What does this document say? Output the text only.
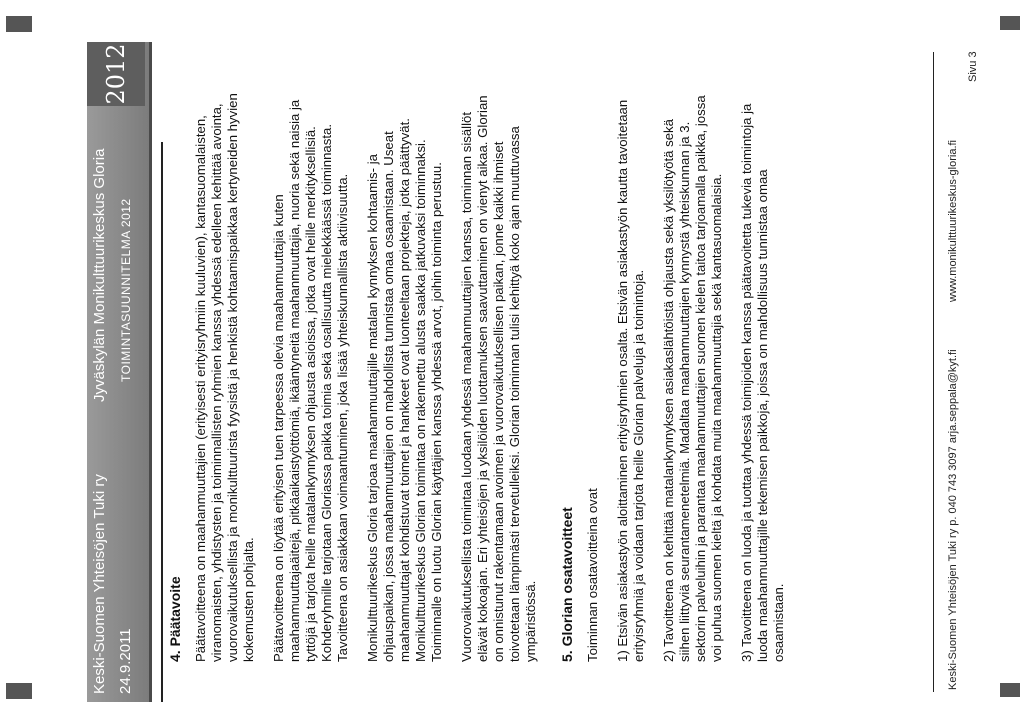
Keski-Suomen Yhteisöjen Tuki ry
Jyväskylän Monikulttuurikeskus Gloria
24.9.2011
TOIMINTASUUNNITELMA 2012
2012
4. Päätavoite Päätavoitteena on maahanmuuttajien (erityisesti erityisryhmiin kuuluvien), kantasuomalaisten, viranomaisten, yhdistysten ja toiminnallisten ryhmien kanssa yhdessä edelleen kehittää avointa, vuorovaikutuksellista ja monikulttuurista fyysistä ja henkistä kohtaamispaikkaa kertyneiden hyvien kokemusten pohjalta. Päätavoitteena on löytää erityisen tuen tarpeessa olevia maahanmuuttajia kuten maahanmuuttajaäitejä, pitkäaikaistyöttömiä, ikääntyneitä maahanmuuttajia, nuoria sekä naisia ja tyttöjä ja tarjota heille matalankynnyksen ohjausta asioissa, jotka ovat heille merkityksellisiä. Kohderyhmille tarjotaan Gloriassa paikka toimia sekä osallisuutta mielekkäässä toiminnasta. Tavoitteena on asiakkaan voimaantuminen, joka lisää yhteiskunnallista aktiivisuutta. Monikulttuurikeskus Gloria tarjoaa maahanmuuttajille matalan kynnyksen kohtaamis- ja ohjauspaikan, jossa maahanmuuttajien on mahdollista tunnistaa omaa osaamistaan. Useat maahanmuuttajat kohdistuvat toimet ja hankkeet ovat luonteeltaan projekteja, jotka päättyvät. Monikulttuurikeskus Glorian toimintaa on rakennettu alusta saakka jatkuvaksi toiminnaksi. Toiminnalle on luotu Glorian käyttäjien kanssa yhdessä arvot, joihin toiminta perustuu. Vuorovaikutuksellista toimintaa luodaan yhdessä maahanmuuttajien kanssa, toiminnan sisällöt elävät kokoajan. Eri yhteisöjen ja yksilöiden luottamuksen saavuttaminen on vienyt aikaa. Glorian on onnistunut rakentamaan avoimen ja vuorovaikutuksellisen paikan, jonne kaikki ihmiset toivotetaan lämpimästi tervetulleiksi. Glorian toiminnan tulisi kehittyä koko ajan muuttuvassa ympäristössä. 5. Glorian osatavoitteet Toiminnan osatavoitteina ovat 1) Etsivän asiakastyön aloittaminen erityisryhmien osalta. Etsivän asiakastyön kautta tavoitetaan erityisryhmiä ja voidaan tarjota heille Glorian palveluja ja toimintoja. 2) Tavoitteena on kehittää matalankynnyksen asiakaslähtöistä ohjausta sekä yksilötyötä sekä siihen liittyviä seurantamenetelmiä. Madaltaa maahanmuuttajien kynnystä yhteiskunnan ja 3. sektorin palveluihin ja parantaa maahanmuuttajien suomen kielen taitoa tarjoamalla paikka, jossa voi puhua suomen kieltä ja kohdata muita maahanmuuttajia sekä kantasuomalaisia. 3) Tavoitteena on luoda ja tuottaa yhdessä toimijoiden kanssa päätavoitetta tukevia toimintoja ja luoda maahanmuuttajille tekemisen paikkoja, joissa on mahdollisuus tunnistaa omaa osaamistaan.	Keski-Suomen Yhteisöjen Tuki ry p. 040 743 3097 arja.seppala@kyt.fi
www.monikulttuurikeskus-gloria.fi
Sivu 3
